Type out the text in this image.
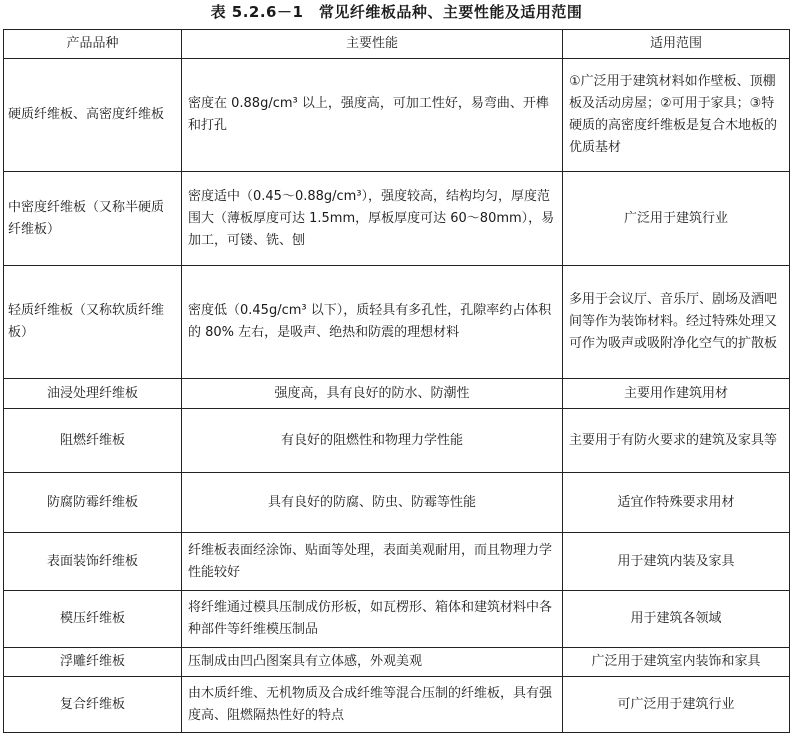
表 5.2.6－1　常见纤维板品种、主要性能及适用范围
产品品种	主要性能	适用范围
硬质纤维板、高密度纤维板	密度在 0.88g/cm³ 以上，强度高，可加工性好，易弯曲、开榫和打孔	①广泛用于建筑材料如作壁板、顶棚板及活动房屋；②可用于家具；③特硬质的高密度纤维板是复合木地板的优质基材
中密度纤维板（又称半硬质纤维板）	密度适中（0.45～0.88g/cm³），强度较高，结构均匀，厚度范围大（薄板厚度可达 1.5mm，厚板厚度可达 60～80mm），易加工，可镂、铣、刨	广泛用于建筑行业
轻质纤维板（又称软质纤维板）	密度低（0.45g/cm³ 以下），质轻具有多孔性，孔隙率约占体积的 80% 左右，是吸声、绝热和防震的理想材料	多用于会议厅、音乐厅、剧场及酒吧间等作为装饰材料。经过特殊处理又可作为吸声或吸附净化空气的扩散板
油浸处理纤维板	强度高，具有良好的防水、防潮性	主要用作建筑用材
阻燃纤维板	有良好的阻燃性和物理力学性能	主要用于有防火要求的建筑及家具等
防腐防霉纤维板	具有良好的防腐、防虫、防霉等性能	适宜作特殊要求用材
表面装饰纤维板	纤维板表面经涂饰、贴面等处理，表面美观耐用，而且物理力学性能较好	用于建筑内装及家具
模压纤维板	将纤维通过模具压制成仿形板，如瓦楞形、箱体和建筑材料中各种部件等纤维模压制品	用于建筑各领域
浮雕纤维板	压制成由凹凸图案具有立体感，外观美观	广泛用于建筑室内装饰和家具
复合纤维板	由木质纤维、无机物质及合成纤维等混合压制的纤维板，具有强度高、阻燃隔热性好的特点	可广泛用于建筑行业
